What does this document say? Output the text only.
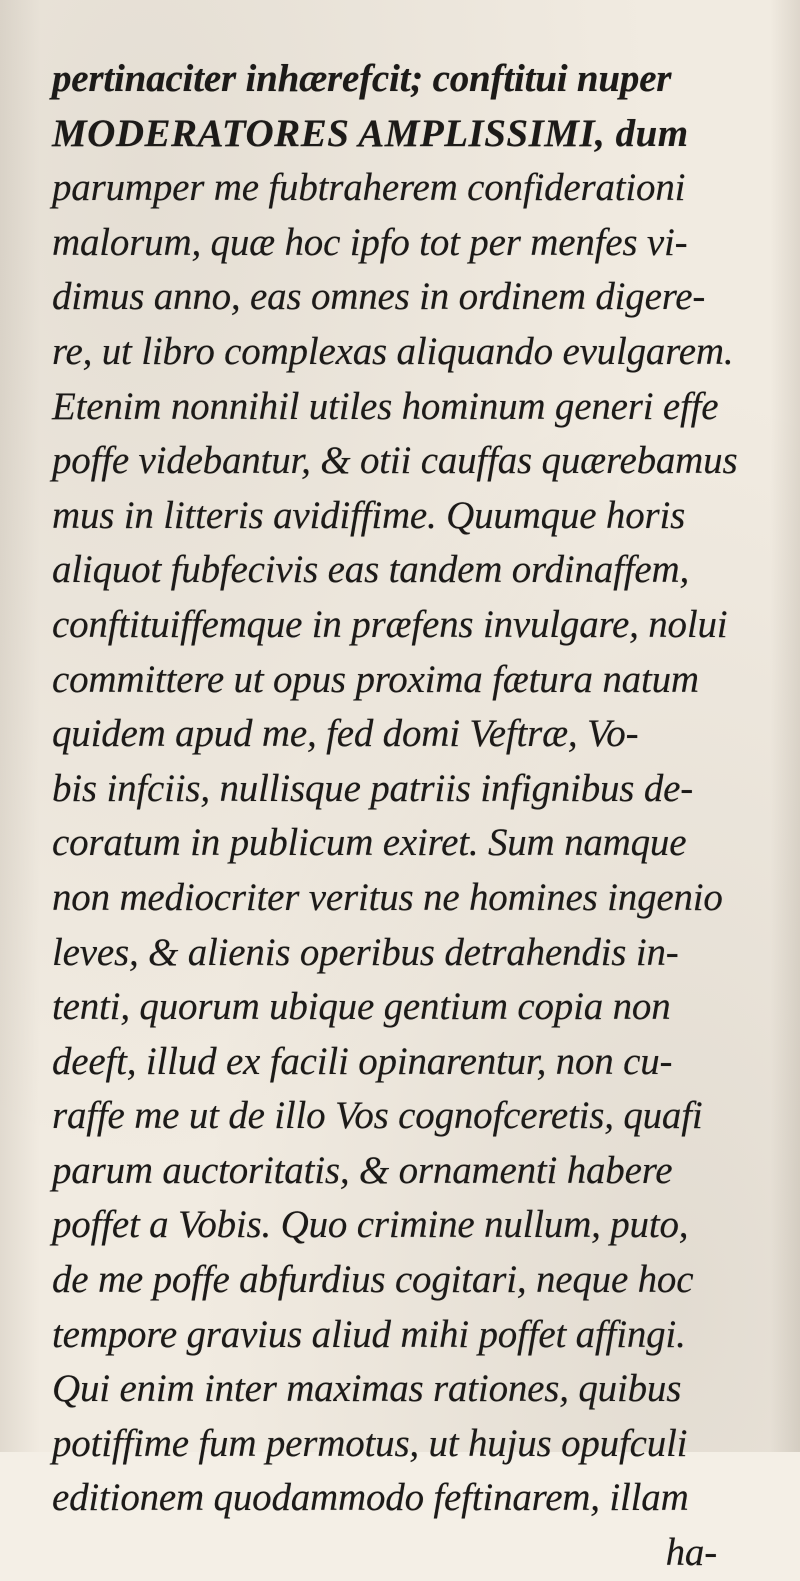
pertinaciter inhærefcit; conftitui nuper
MODERATORES AMPLISSIMI, dum
parumper me fubtraherem confiderationi
malorum, quæ hoc ipfo tot per menfes vi-
dimus anno, eas omnes in ordinem digere-
re, ut libro complexas aliquando evulgarem.
Etenim nonnihil utiles hominum generi effe
poffe videbantur, & otii cauffas quærebamus
mus in litteris avidiffime. Quumque horis
aliquot fubfecivis eas tandem ordinaffem,
conftituiffemque in præfens invulgare, nolui
committere ut opus proxima fætura natum
quidem apud me, fed domi Veftræ, Vo-
bis infciis, nullisque patriis infignibus de-
coratum in publicum exiret. Sum namque
non mediocriter veritus ne homines ingenio
leves, & alienis operibus detrahendis in-
tenti, quorum ubique gentium copia non
deeft, illud ex facili opinarentur, non cu-
raffe me ut de illo Vos cognofceretis, quafi
parum auctoritatis, & ornamenti habere
poffet a Vobis. Quo crimine nullum, puto,
de me poffe abfurdius cogitari, neque hoc
tempore gravius aliud mihi poffet affingi.
Qui enim inter maximas rationes, quibus
potiffime fum permotus, ut hujus opufculi
editionem quodammodo feftinarem, illam
ha-
